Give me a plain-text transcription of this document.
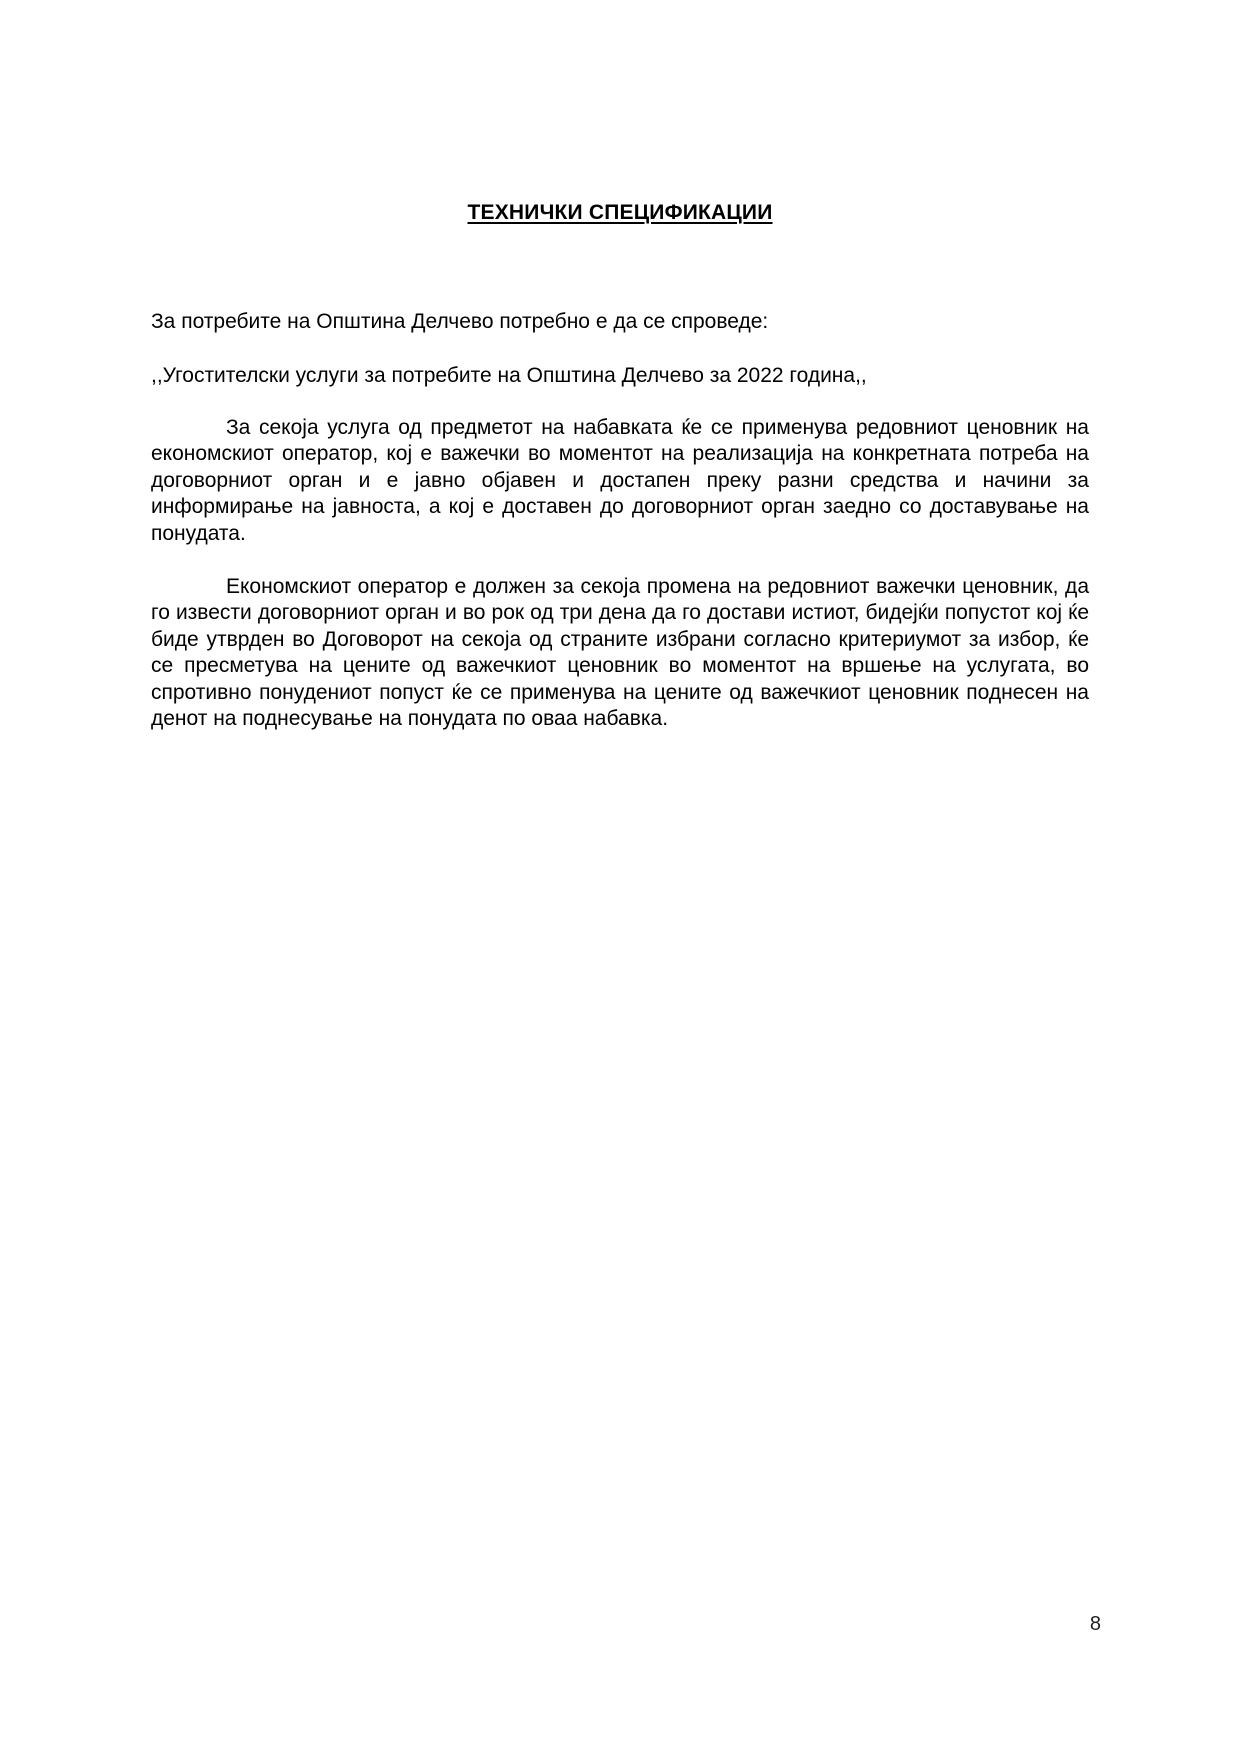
ТЕХНИЧКИ СПЕЦИФИКАЦИИ
За потребите на Општина Делчево потребно е да се спроведе:
,,Угостителски услуги за потребите на Општина Делчево за 2022 година,,
За секоја услуга од предметот на набавката ќе се применува редовниот ценовник на економскиот оператор, кој е важечки во моментот на реализација на конкретната потреба на договорниот орган и е јавно објавен и достапен преку разни средства и начини за информирање на јавноста, а кој е доставен до договорниот орган заедно со доставување на понудата.
Економскиот оператор е должен за секоја промена на редовниот важечки ценовник, да го извести договорниот орган и во рок од три дена да го достави истиот, бидејќи попустот кој ќе биде утврден во Договорот на секоја од страните избрани согласно критериумот за избор, ќе се пресметува на цените од важечкиот ценовник во моментот на вршење на услугата, во спротивно понудениот попуст ќе се применува на цените од важечкиот ценовник поднесен на денот на поднесување на понудата по оваа набавка.
8
